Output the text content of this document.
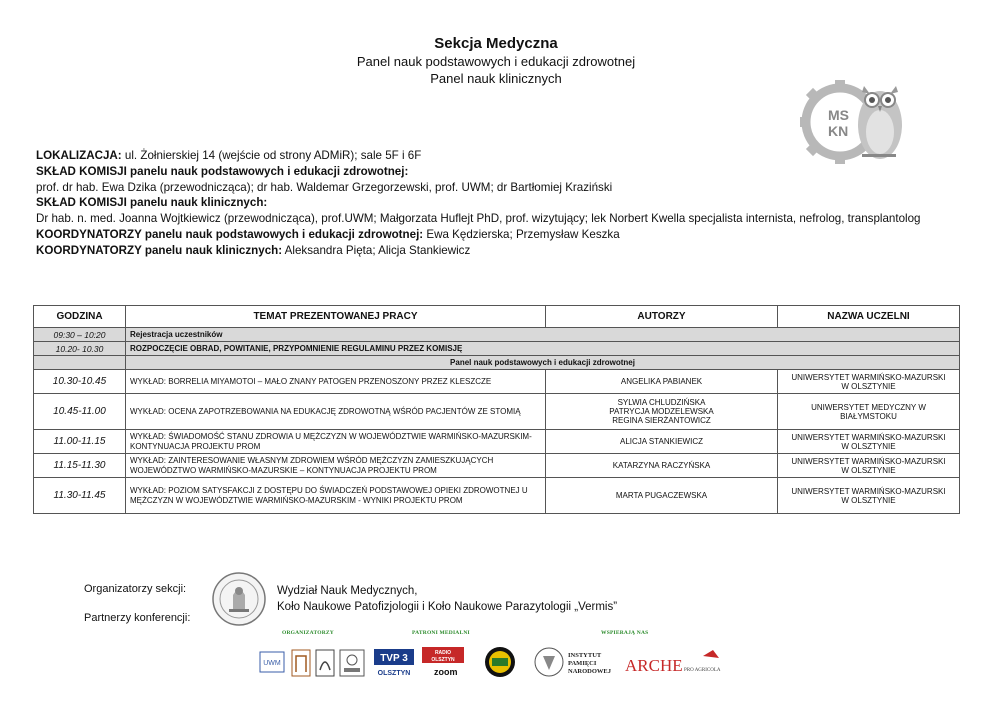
Sekcja Medyczna
Panel nauk podstawowych i edukacji zdrowotnej
Panel nauk klinicznych
MS
KN
LOKALIZACJA: ul. Żołnierskiej 14 (wejście od strony ADMiR); sale 5F i 6F
SKŁAD KOMISJI panelu nauk podstawowych i edukacji zdrowotnej:
prof. dr hab. Ewa Dzika (przewodnicząca); dr hab. Waldemar Grzegorzewski, prof. UWM; dr Bartłomiej Kraziński
SKŁAD KOMISJI panelu nauk klinicznych:
Dr hab. n. med. Joanna Wojtkiewicz (przewodnicząca), prof.UWM; Małgorzata Huflejt PhD, prof. wizytujący; lek Norbert Kwella specjalista internista, nefrolog, transplantolog
KOORDYNATORZY panelu nauk podstawowych i edukacji zdrowotnej: Ewa Kędzierska; Przemysław Keszka
KOORDYNATORZY panelu nauk klinicznych: Aleksandra Pięta; Alicja Stankiewicz
GODZINA	TEMAT PREZENTOWANEJ PRACY	AUTORZY	NAZWA UCZELNI
09:30 – 10:20	Rejestracja uczestników		
10.20- 10.30	ROZPOCZĘCIE OBRAD, POWITANIE, PRZYPOMNIENIE REGULAMINU PRZEZ KOMISJĘ		
	Panel nauk podstawowych i edukacji zdrowotnej		
10.30-10.45	WYKŁAD: BORRELIA MIYAMOTOI – MAŁO ZNANY PATOGEN PRZENOSZONY PRZEZ KLESZCZE	ANGELIKA PABIANEK	UNIWERSYTET WARMIŃSKO-MAZURSKI
W OLSZTYNIE

10.45-11.00	WYKŁAD: OCENA ZAPOTRZEBOWANIA NA EDUKACJĘ ZDROWOTNĄ WŚRÓD PACJENTÓW ZE STOMIĄ	SYLWIA CHLUDZIŃSKA
PATRYCJA MODZELEWSKA
REGINA SIERŻANTOWICZ	UNIWERSYTET MEDYCZNY W BIAŁYMSTOKU
11.00-11.15	WYKŁAD: ŚWIADOMOŚĆ STANU ZDROWIA U MĘŻCZYZN W WOJEWÓDZTWIE WARMIŃSKO-MAZURSKIM- KONTYNUACJA PROJEKTU PROM	ALICJA STANKIEWICZ	UNIWERSYTET WARMIŃSKO-MAZURSKI
W OLSZTYNIE

11.15-11.30	WYKŁAD: ZAINTERESOWANIE WŁASNYM ZDROWIEM WŚRÓD MĘŻCZYZN ZAMIESZKUJĄCYCH WOJEWÓDZTWO WARMIŃSKO-MAZURSKIE – KONTYNUACJA PROJEKTU PROM	KATARZYNA RACZYŃSKA	UNIWERSYTET WARMIŃSKO-MAZURSKI
W OLSZTYNIE

11.30-11.45	WYKŁAD: POZIOM SATYSFAKCJI Z DOSTĘPU DO ŚWIADCZEŃ PODSTAWOWEJ OPIEKI ZDROWOTNEJ U MĘŻCZYZN W WOJEWÓDZTWIE WARMIŃSKO-MAZURSKIM - WYNIKI PROJEKTU PROM	MARTA PUGACZEWSKA	UNIWERSYTET WARMIŃSKO-MAZURSKI
W OLSZTYNIE
Organizatorzy sekcji:
Partnerzy konferencji:
Wydział Nauk Medycznych,
Koło Naukowe Patofizjologii i Koło Naukowe Parazytologii „Vermis”
ORGANIZATORZY	PATRONI MEDIALNI	WSPIERAJĄ NAS
UWM	TVP 3
OLSZTYN
RADIO
OLSZTYN
zoom
INSTYTUT
PAMIĘCI
NARODOWEJ ARCHE PRO AGRICOLA
